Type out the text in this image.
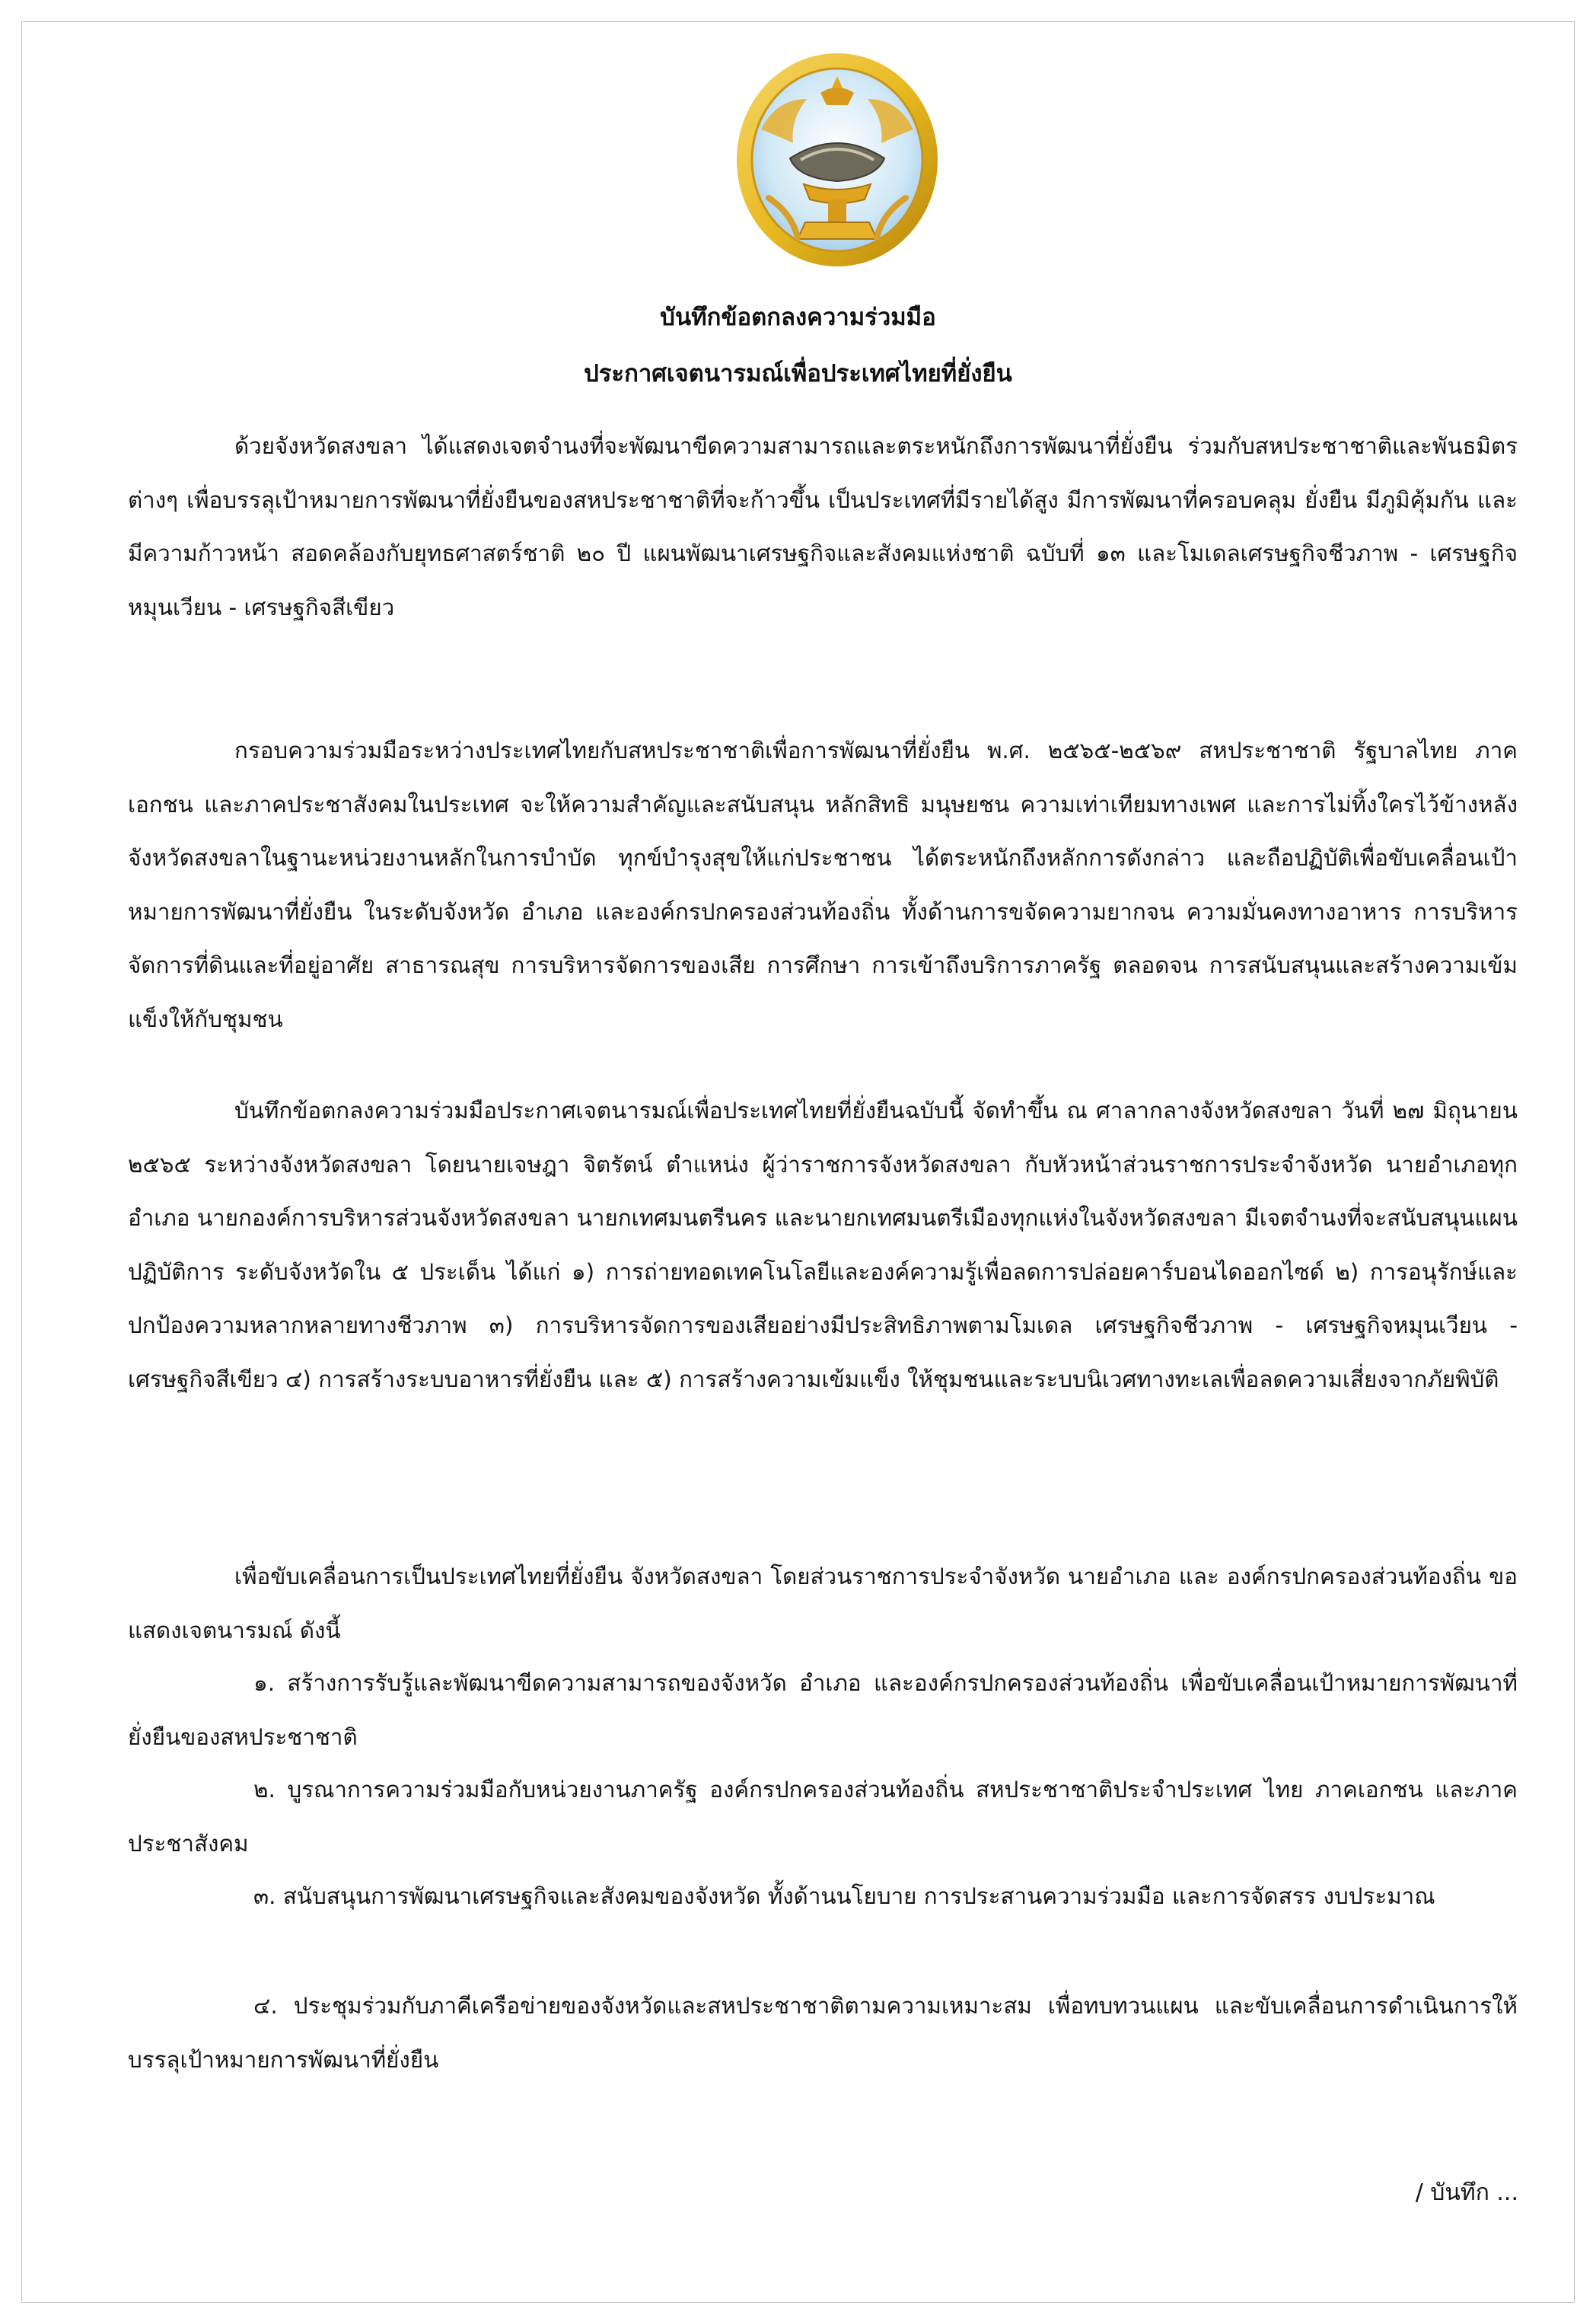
บันทึกข้อตกลงความร่วมมือ
ประกาศเจตนารมณ์เพื่อประเทศไทยที่ยั่งยืน

ด้วยจังหวัดสงขลา ได้แสดงเจตจำนงที่จะพัฒนาขีดความสามารถและตระหนักถึงการพัฒนาที่ยั่งยืน ร่วมกับสหประชาชาติและพันธมิตรต่างๆ เพื่อบรรลุเป้าหมายการพัฒนาที่ยั่งยืนของสหประชาชาติที่จะก้าวขึ้น เป็นประเทศที่มีรายได้สูง มีการพัฒนาที่ครอบคลุม ยั่งยืน มีภูมิคุ้มกัน และมีความก้าวหน้า สอดคล้องกับยุทธศาสตร์ชาติ ๒๐ ปี แผนพัฒนาเศรษฐกิจและสังคมแห่งชาติ ฉบับที่ ๑๓ และโมเดลเศรษฐกิจชีวภาพ - เศรษฐกิจหมุนเวียน - เศรษฐกิจสีเขียว

กรอบความร่วมมือระหว่างประเทศไทยกับสหประชาชาติเพื่อการพัฒนาที่ยั่งยืน พ.ศ. ๒๕๖๕-๒๕๖๙ สหประชาชาติ รัฐบาลไทย ภาคเอกชน และภาคประชาสังคมในประเทศ จะให้ความสำคัญและสนับสนุน หลักสิทธิ มนุษยชน ความเท่าเทียมทางเพศ และการไม่ทิ้งใครไว้ข้างหลัง จังหวัดสงขลาในฐานะหน่วยงานหลักในการบำบัด ทุกข์บำรุงสุขให้แก่ประชาชน ได้ตระหนักถึงหลักการดังกล่าว และถือปฏิบัติเพื่อขับเคลื่อนเป้าหมายการพัฒนาที่ยั่งยืน ในระดับจังหวัด อำเภอ และองค์กรปกครองส่วนท้องถิ่น ทั้งด้านการขจัดความยากจน ความมั่นคงทางอาหาร การบริหาร จัดการที่ดินและที่อยู่อาศัย สาธารณสุข การบริหารจัดการของเสีย การศึกษา การเข้าถึงบริการภาครัฐ ตลอดจน การสนับสนุนและสร้างความเข้มแข็งให้กับชุมชน

บันทึกข้อตกลงความร่วมมือประกาศเจตนารมณ์เพื่อประเทศไทยที่ยั่งยืนฉบับนี้ จัดทำขึ้น ณ ศาลากลางจังหวัดสงขลา วันที่ ๒๗ มิถุนายน ๒๕๖๕ ระหว่างจังหวัดสงขลา โดยนายเจษฎา จิตรัตน์ ตำแหน่ง ผู้ว่าราชการจังหวัดสงขลา กับหัวหน้าส่วนราชการประจำจังหวัด นายอำเภอทุกอำเภอ นายกองค์การบริหารส่วนจังหวัดสงขลา นายกเทศมนตรีนคร และนายกเทศมนตรีเมืองทุกแห่งในจังหวัดสงขลา มีเจตจำนงที่จะสนับสนุนแผนปฏิบัติการ ระดับจังหวัดใน ๕ ประเด็น ได้แก่ ๑) การถ่ายทอดเทคโนโลยีและองค์ความรู้เพื่อลดการปล่อยคาร์บอนไดออกไซด์ ๒) การอนุรักษ์และปกป้องความหลากหลายทางชีวภาพ ๓) การบริหารจัดการของเสียอย่างมีประสิทธิภาพตามโมเดล เศรษฐกิจชีวภาพ - เศรษฐกิจหมุนเวียน - เศรษฐกิจสีเขียว ๔) การสร้างระบบอาหารที่ยั่งยืน และ ๕) การสร้างความเข้มแข็ง ให้ชุมชนและระบบนิเวศทางทะเลเพื่อลดความเสี่ยงจากภัยพิบัติ

เพื่อขับเคลื่อนการเป็นประเทศไทยที่ยั่งยืน จังหวัดสงขลา โดยส่วนราชการประจำจังหวัด นายอำเภอ และ องค์กรปกครองส่วนท้องถิ่น ขอแสดงเจตนารมณ์ ดังนี้

๑. สร้างการรับรู้และพัฒนาขีดความสามารถของจังหวัด อำเภอ และองค์กรปกครองส่วนท้องถิ่น เพื่อขับเคลื่อนเป้าหมายการพัฒนาที่ยั่งยืนของสหประชาชาติ

๒. บูรณาการความร่วมมือกับหน่วยงานภาครัฐ องค์กรปกครองส่วนท้องถิ่น สหประชาชาติประจำประเทศ ไทย ภาคเอกชน และภาคประชาสังคม

๓. สนับสนุนการพัฒนาเศรษฐกิจและสังคมของจังหวัด ทั้งด้านนโยบาย การประสานความร่วมมือ และการจัดสรร งบประมาณ

๔. ประชุมร่วมกับภาคีเครือข่ายของจังหวัดและสหประชาชาติตามความเหมาะสม เพื่อทบทวนแผน และขับเคลื่อนการดำเนินการให้บรรลุเป้าหมายการพัฒนาที่ยั่งยืน

/ บันทึก ...
